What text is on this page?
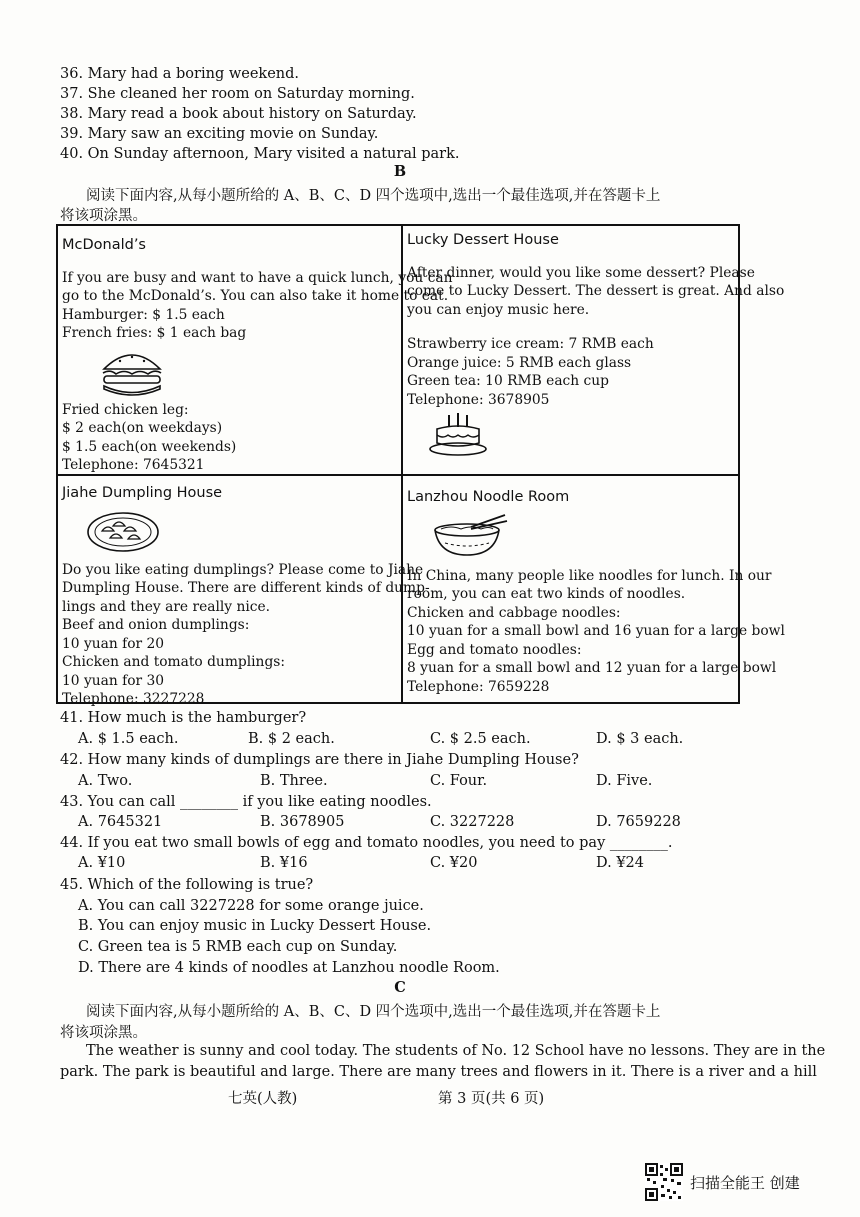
36. Mary had a boring weekend.
37. She cleaned her room on Saturday morning.
38. Mary read a book about history on Saturday.
39. Mary saw an exciting movie on Sunday.
40. On Sunday afternoon, Mary visited a natural park.
B
阅读下面内容,从每小题所给的 A、B、C、D 四个选项中,选出一个最佳选项,并在答题卡上
将该项涂黑。
McDonald’s
If you are busy and want to have a quick lunch, you can
go to the McDonald’s. You can also take it home to eat.
Hamburger: $ 1.5 each
French fries: $ 1 each bag
Fried chicken leg:
$ 2 each(on weekdays)
$ 1.5 each(on weekends)
Telephone: 7645321
Lucky Dessert House
After dinner, would you like some dessert? Please
come to Lucky Dessert. The dessert is great. And also
you can enjoy music here.
Strawberry ice cream: 7 RMB each
Orange juice: 5 RMB each glass
Green tea: 10 RMB each cup
Telephone: 3678905
Jiahe Dumpling House
Do you like eating dumplings? Please come to Jiahe
Dumpling House. There are different kinds of dump-
lings and they are really nice.
Beef and onion dumplings:
10 yuan for 20
Chicken and tomato dumplings:
10 yuan for 30
Telephone: 3227228
Lanzhou Noodle Room
In China, many people like noodles for lunch. In our
room, you can eat two kinds of noodles.
Chicken and cabbage noodles:
10 yuan for a small bowl and 16 yuan for a large bowl
Egg and tomato noodles:
8 yuan for a small bowl and 12 yuan for a large bowl
Telephone: 7659228
41. How much is the hamburger?
A. $ 1.5 each.	B. $ 2 each.	C. $ 2.5 each.	D. $ 3 each.
42. How many kinds of dumplings are there in Jiahe Dumpling House?
A. Two.	B. Three.	C. Four.	D. Five.
43. You can call ________ if you like eating noodles.
A. 7645321	B. 3678905	C. 3227228	D. 7659228
44. If you eat two small bowls of egg and tomato noodles, you need to pay ________.
A. ¥10	B. ¥16	C. ¥20	D. ¥24
45. Which of the following is true?
A. You can call 3227228 for some orange juice.
B. You can enjoy music in Lucky Dessert House.
C. Green tea is 5 RMB each cup on Sunday.
D. There are 4 kinds of noodles at Lanzhou noodle Room.
C
阅读下面内容,从每小题所给的 A、B、C、D 四个选项中,选出一个最佳选项,并在答题卡上
将该项涂黑。
The weather is sunny and cool today. The students of No. 12 School have no lessons. They are in the
park. The park is beautiful and large. There are many trees and flowers in it. There is a river and a hill
七英(人教)	第 3 页(共 6 页)
扫描全能王 创建
